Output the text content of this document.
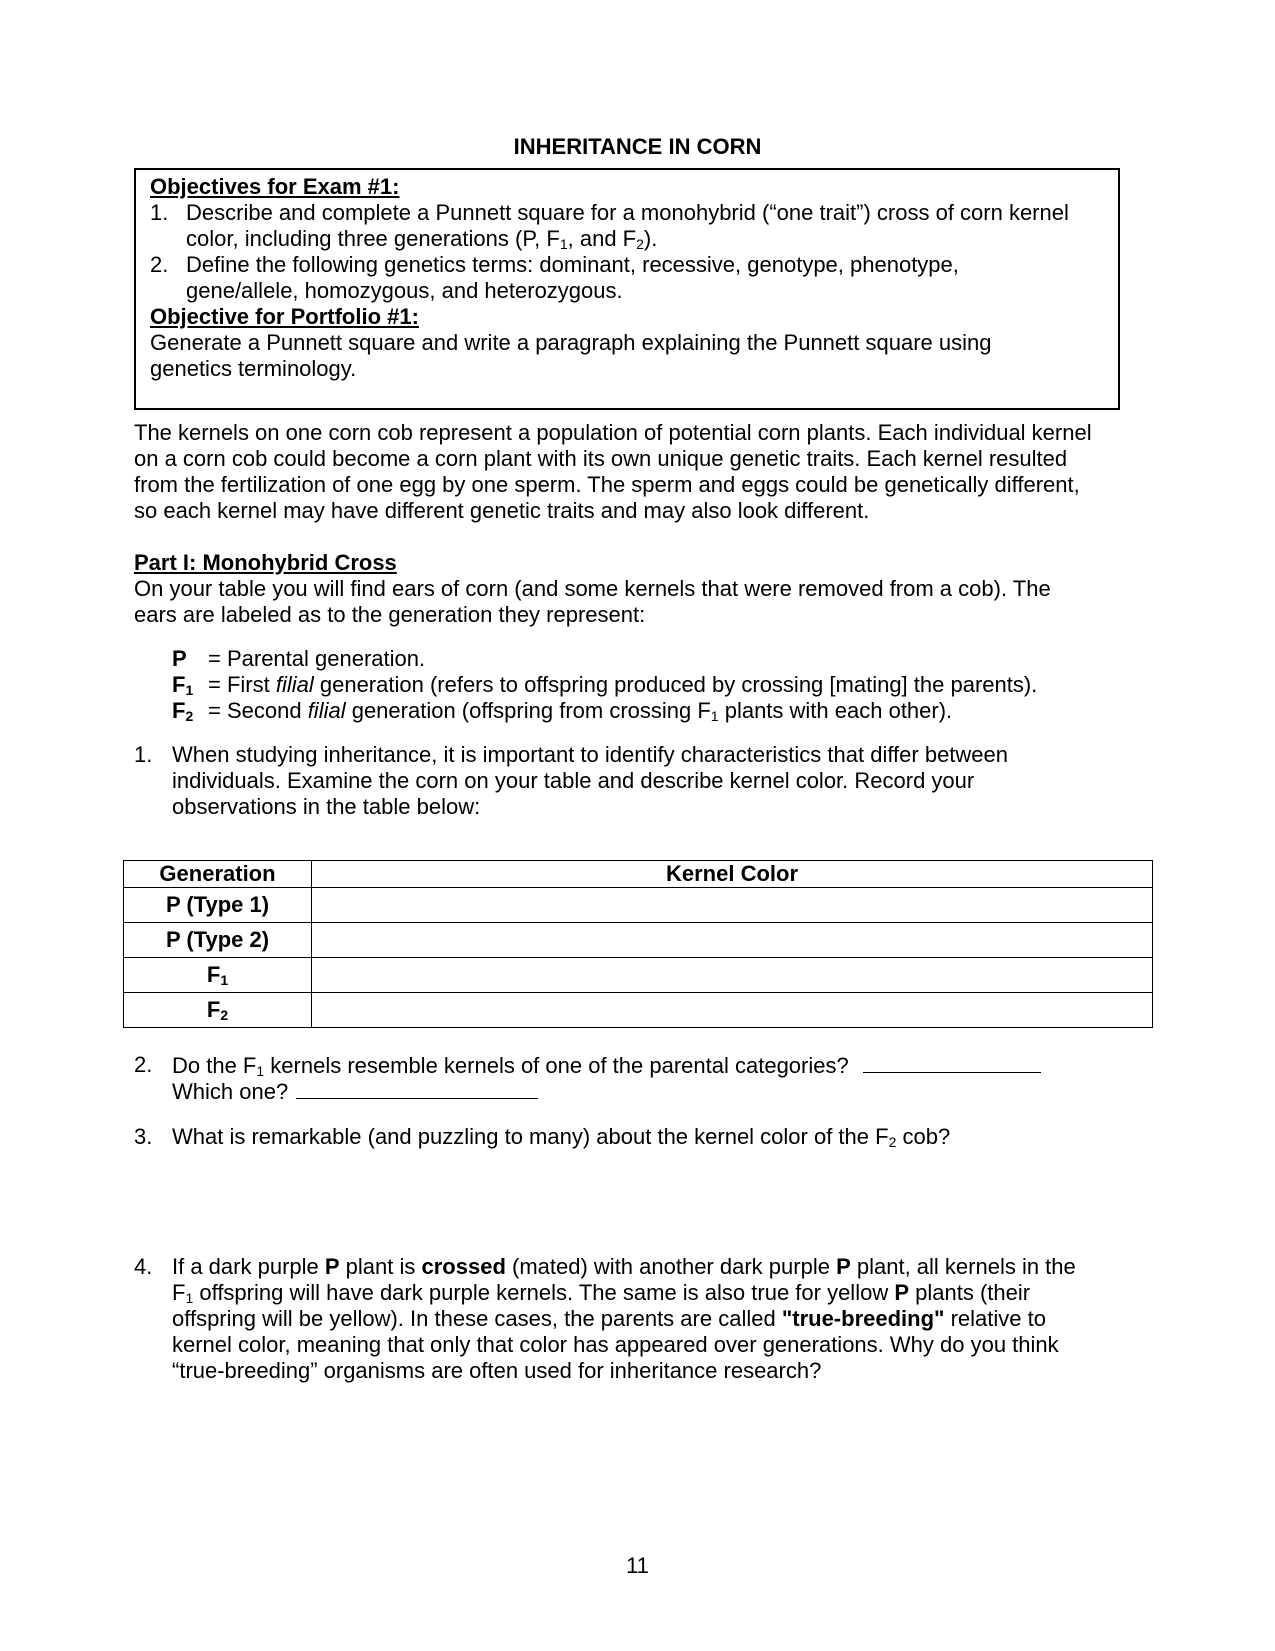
INHERITANCE IN CORN
Objectives for Exam #1:
1. Describe and complete a Punnett square for a monohybrid (“one trait”) cross of corn kernel
color, including three generations (P, $F_1$, and $F_2$).
2. Define the following genetics terms: dominant, recessive, genotype, phenotype,
gene/allele, homozygous, and heterozygous.
Objective for Portfolio #1:
Generate a Punnett square and write a paragraph explaining the Punnett square using
genetics terminology.
The kernels on one corn cob represent a population of potential corn plants. Each individual kernel
on a corn cob could become a corn plant with its own unique genetic traits. Each kernel resulted
from the fertilization of one egg by one sperm. The sperm and eggs could be genetically different,
so each kernel may have different genetic traits and may also look different.
Part I: Monohybrid Cross
On your table you will find ears of corn (and some kernels that were removed from a cob). The
ears are labeled as to the generation they represent:
P = Parental generation.
$F_1$ = First filial generation (refers to offspring produced by crossing [mating] the parents).
$F_2$ = Second filial generation (offspring from crossing $F_1$ plants with each other).
1. When studying inheritance, it is important to identify characteristics that differ between
individuals. Examine the corn on your table and describe kernel color. Record your
observations in the table below:
Generation	Kernel Color
P (Type 1)	
P (Type 2)	
$F_1$	
$F_2$	
2. Do the $F_1$ kernels resemble kernels of one of the parental categories?
Which one?
3. What is remarkable (and puzzling to many) about the kernel color of the $F_2$ cob?
4. If a dark purple P plant is crossed (mated) with another dark purple P plant, all kernels in the
$F_1$ offspring will have dark purple kernels. The same is also true for yellow P plants (their
offspring will be yellow). In these cases, the parents are called "true-breeding" relative to
kernel color, meaning that only that color has appeared over generations. Why do you think
“true-breeding” organisms are often used for inheritance research?
11
